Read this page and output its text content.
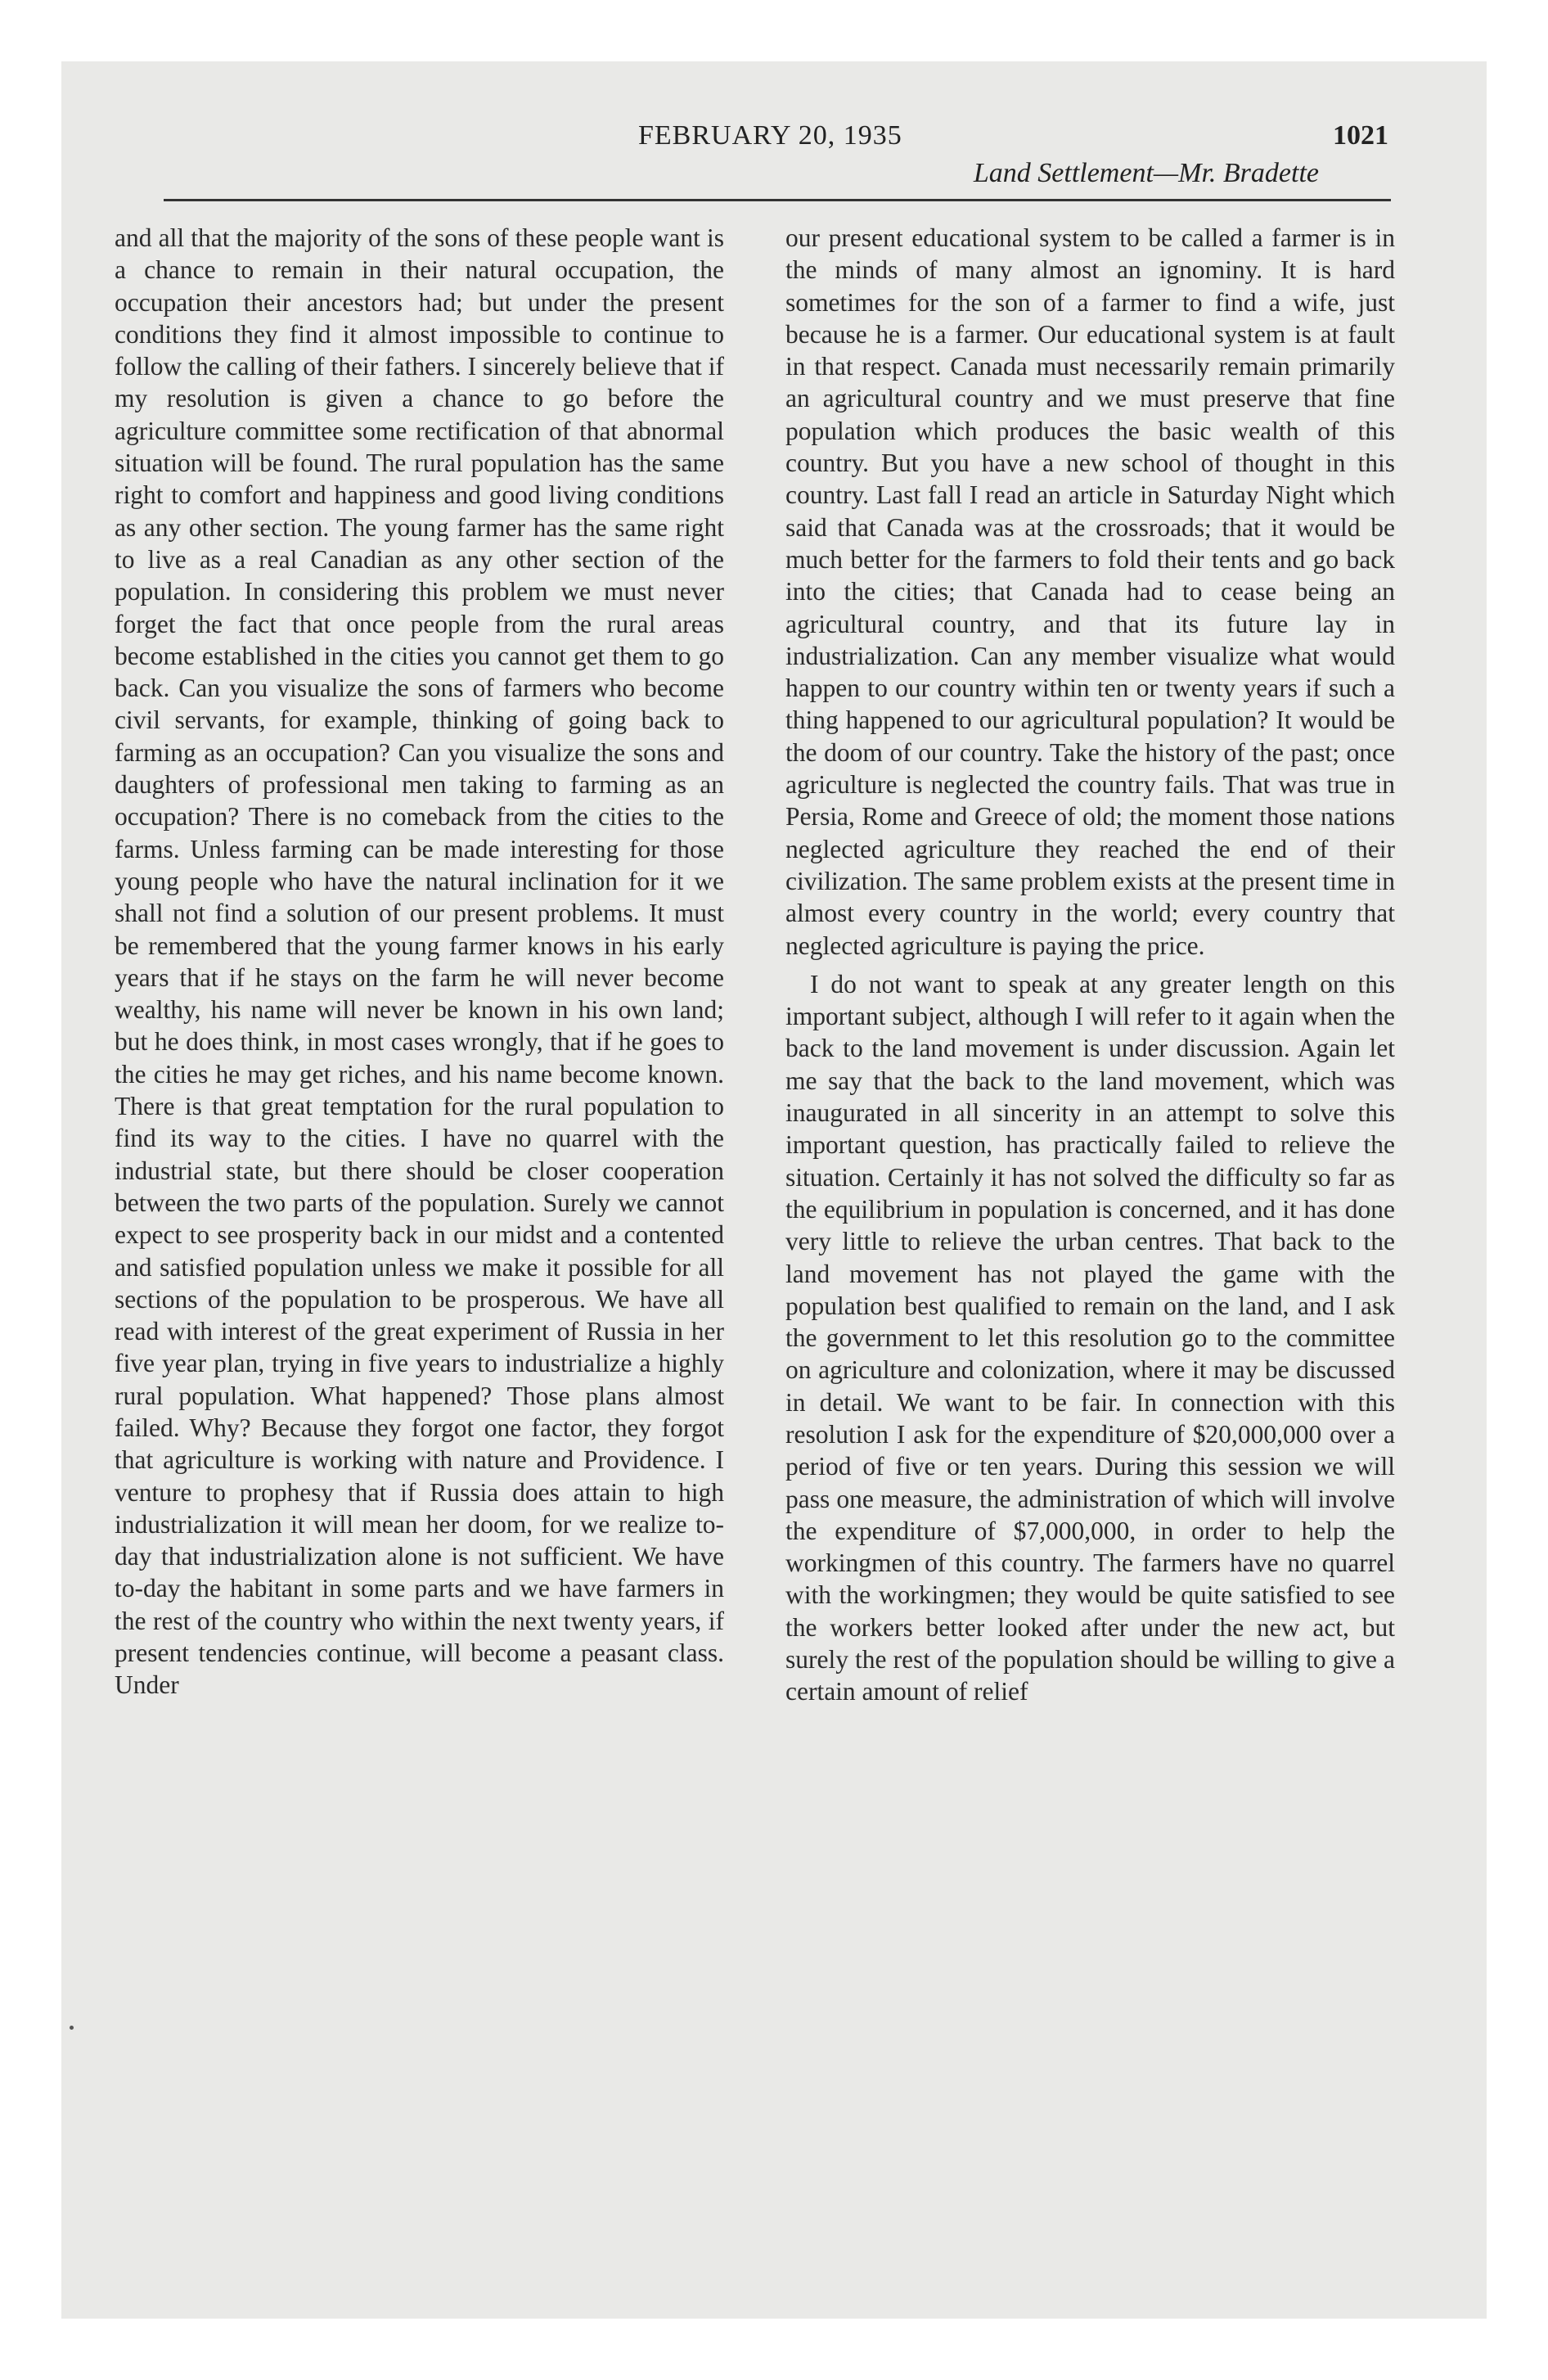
FEBRUARY 20, 1935	1021
Land Settlement—Mr. Bradette

and all that the majority of the sons of these people want is a chance to remain in their natural occupation, the occupation their ancestors had; but under the present conditions they find it almost impossible to continue to follow the calling of their fathers. I sincerely believe that if my resolution is given a chance to go before the agriculture committee some rectification of that abnormal situation will be found. The rural population has the same right to comfort and happiness and good living conditions as any other section. The young farmer has the same right to live as a real Canadian as any other section of the population. In considering this problem we must never forget the fact that once people from the rural areas become established in the cities you cannot get them to go back. Can you visualize the sons of farmers who become civil servants, for example, thinking of going back to farming as an occupation? Can you visualize the sons and daughters of professional men taking to farming as an occupation? There is no comeback from the cities to the farms. Unless farming can be made interesting for those young people who have the natural inclination for it we shall not find a solution of our present problems. It must be remembered that the young farmer knows in his early years that if he stays on the farm he will never become wealthy, his name will never be known in his own land; but he does think, in most cases wrongly, that if he goes to the cities he may get riches, and his name become known. There is that great temptation for the rural population to find its way to the cities. I have no quarrel with the industrial state, but there should be closer cooperation between the two parts of the population. Surely we cannot expect to see prosperity back in our midst and a contented and satisfied population unless we make it possible for all sections of the population to be prosperous. We have all read with interest of the great experiment of Russia in her five year plan, trying in five years to industrialize a highly rural population. What happened? Those plans almost failed. Why? Because they forgot one factor, they forgot that agriculture is working with nature and Providence. I venture to prophesy that if Russia does attain to high industrialization it will mean her doom, for we realize to-day that industrialization alone is not sufficient. We have to-day the habitant in some parts and we have farmers in the rest of the country who within the next twenty years, if present tendencies continue, will become a peasant class. Under

our present educational system to be called a farmer is in the minds of many almost an ignominy. It is hard sometimes for the son of a farmer to find a wife, just because he is a farmer. Our educational system is at fault in that respect. Canada must necessarily remain primarily an agricultural country and we must preserve that fine population which produces the basic wealth of this country. But you have a new school of thought in this country. Last fall I read an article in Saturday Night which said that Canada was at the crossroads; that it would be much better for the farmers to fold their tents and go back into the cities; that Canada had to cease being an agricultural country, and that its future lay in industrialization. Can any member visualize what would happen to our country within ten or twenty years if such a thing happened to our agricultural population? It would be the doom of our country. Take the history of the past; once agriculture is neglected the country fails. That was true in Persia, Rome and Greece of old; the moment those nations neglected agriculture they reached the end of their civilization. The same problem exists at the present time in almost every country in the world; every country that neglected agriculture is paying the price.

I do not want to speak at any greater length on this important subject, although I will refer to it again when the back to the land movement is under discussion. Again let me say that the back to the land movement, which was inaugurated in all sincerity in an attempt to solve this important question, has practically failed to relieve the situation. Certainly it has not solved the difficulty so far as the equilibrium in population is concerned, and it has done very little to relieve the urban centres. That back to the land movement has not played the game with the population best qualified to remain on the land, and I ask the government to let this resolution go to the committee on agriculture and colonization, where it may be discussed in detail. We want to be fair. In connection with this resolution I ask for the expenditure of $20,000,000 over a period of five or ten years. During this session we will pass one measure, the administration of which will involve the expenditure of $7,000,000, in order to help the workingmen of this country. The farmers have no quarrel with the workingmen; they would be quite satisfied to see the workers better looked after under the new act, but surely the rest of the population should be willing to give a certain amount of relief
